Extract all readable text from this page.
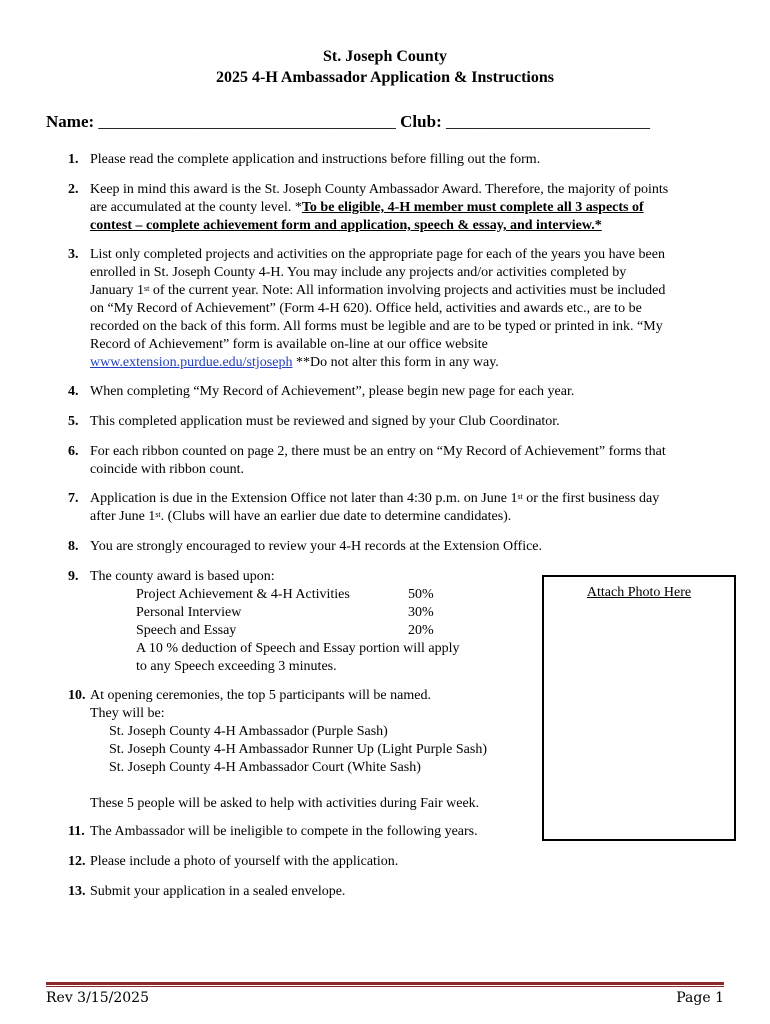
St. Joseph County
2025 4-H Ambassador Application & Instructions
Name: ___________________________________ Club: ________________________
1. Please read the complete application and instructions before filling out the form.
2. Keep in mind this award is the St. Joseph County Ambassador Award. Therefore, the majority of points
are accumulated at the county level. *To be eligible, 4-H member must complete all 3 aspects of
contest – complete achievement form and application, speech & essay, and interview.*
3. List only completed projects and activities on the appropriate page for each of the years you have been
enrolled in St. Joseph County 4-H. You may include any projects and/or activities completed by
January 1st of the current year. Note: All information involving projects and activities must be included
on “My Record of Achievement” (Form 4-H 620). Office held, activities and awards etc., are to be
recorded on the back of this form. All forms must be legible and are to be typed or printed in ink. “My
Record of Achievement” form is available on-line at our office website
www.extension.purdue.edu/stjoseph **Do not alter this form in any way.
4. When completing “My Record of Achievement”, please begin new page for each year.
5. This completed application must be reviewed and signed by your Club Coordinator.
6. For each ribbon counted on page 2, there must be an entry on “My Record of Achievement” forms that
coincide with ribbon count.
7. Application is due in the Extension Office not later than 4:30 p.m. on June 1st or the first business day
after June 1st. (Clubs will have an earlier due date to determine candidates).
8. You are strongly encouraged to review your 4-H records at the Extension Office.
9. The county award is based upon:
Project Achievement & 4-H Activities	50%
Personal Interview	30%
Speech and Essay	20%
A 10 % deduction of Speech and Essay portion will apply
to any Speech exceeding 3 minutes.
10. At opening ceremonies, the top 5 participants will be named.
They will be:
St. Joseph County 4-H Ambassador (Purple Sash)
St. Joseph County 4-H Ambassador Runner Up (Light Purple Sash)
St. Joseph County 4-H Ambassador Court (White Sash)
These 5 people will be asked to help with activities during Fair week.
11. The Ambassador will be ineligible to compete in the following years.
12. Please include a photo of yourself with the application.
13. Submit your application in a sealed envelope.
Attach Photo Here
Rev 3/15/2025	Page 1
